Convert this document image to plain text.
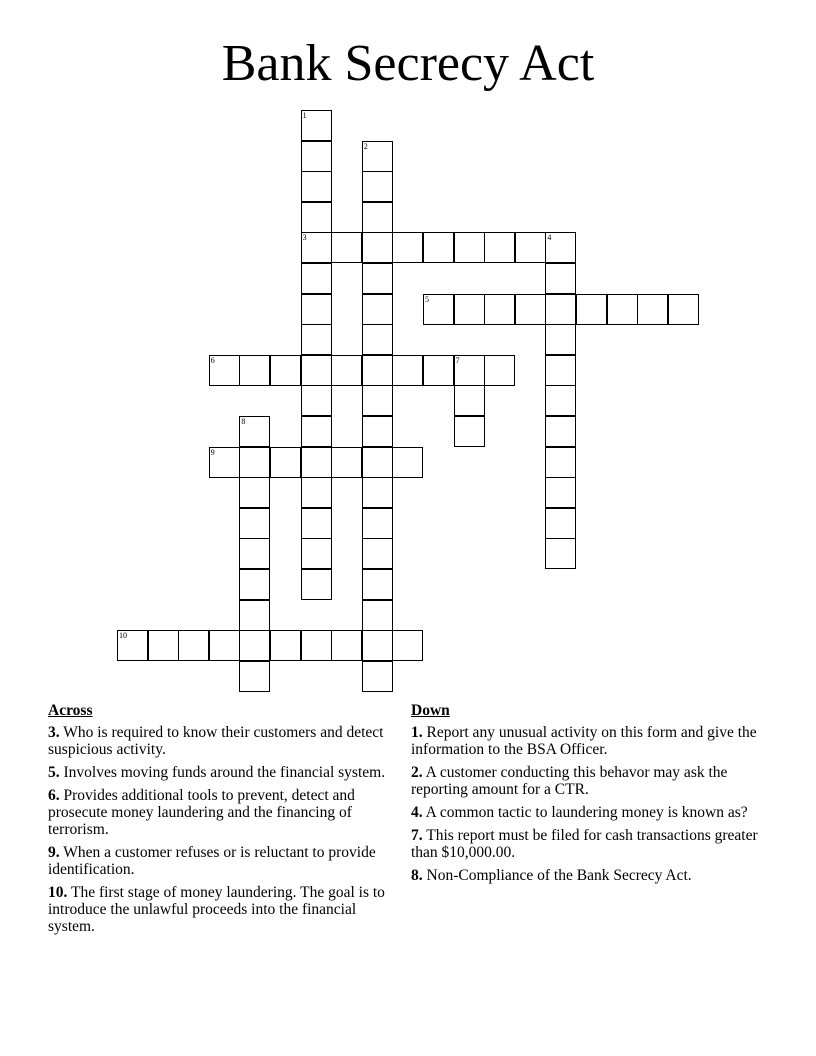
Bank Secrecy Act
1
3
2
4
5
6	7
8
9
10
Across
3. Who is required to know their customers and detect suspicious activity.
5. Involves moving funds around the financial system.
6. Provides additional tools to prevent, detect and prosecute money laundering and the financing of terrorism.
9. When a customer refuses or is reluctant to provide identification.
10. The first stage of money laundering. The goal is to introduce the unlawful proceeds into the financial system.
Down
1. Report any unusual activity on this form and give the information to the BSA Officer.
2. A customer conducting this behavor may ask the reporting amount for a CTR.
4. A common tactic to laundering money is known as?
7. This report must be filed for cash transactions greater than $10,000.00.
8. Non-Compliance of the Bank Secrecy Act.
